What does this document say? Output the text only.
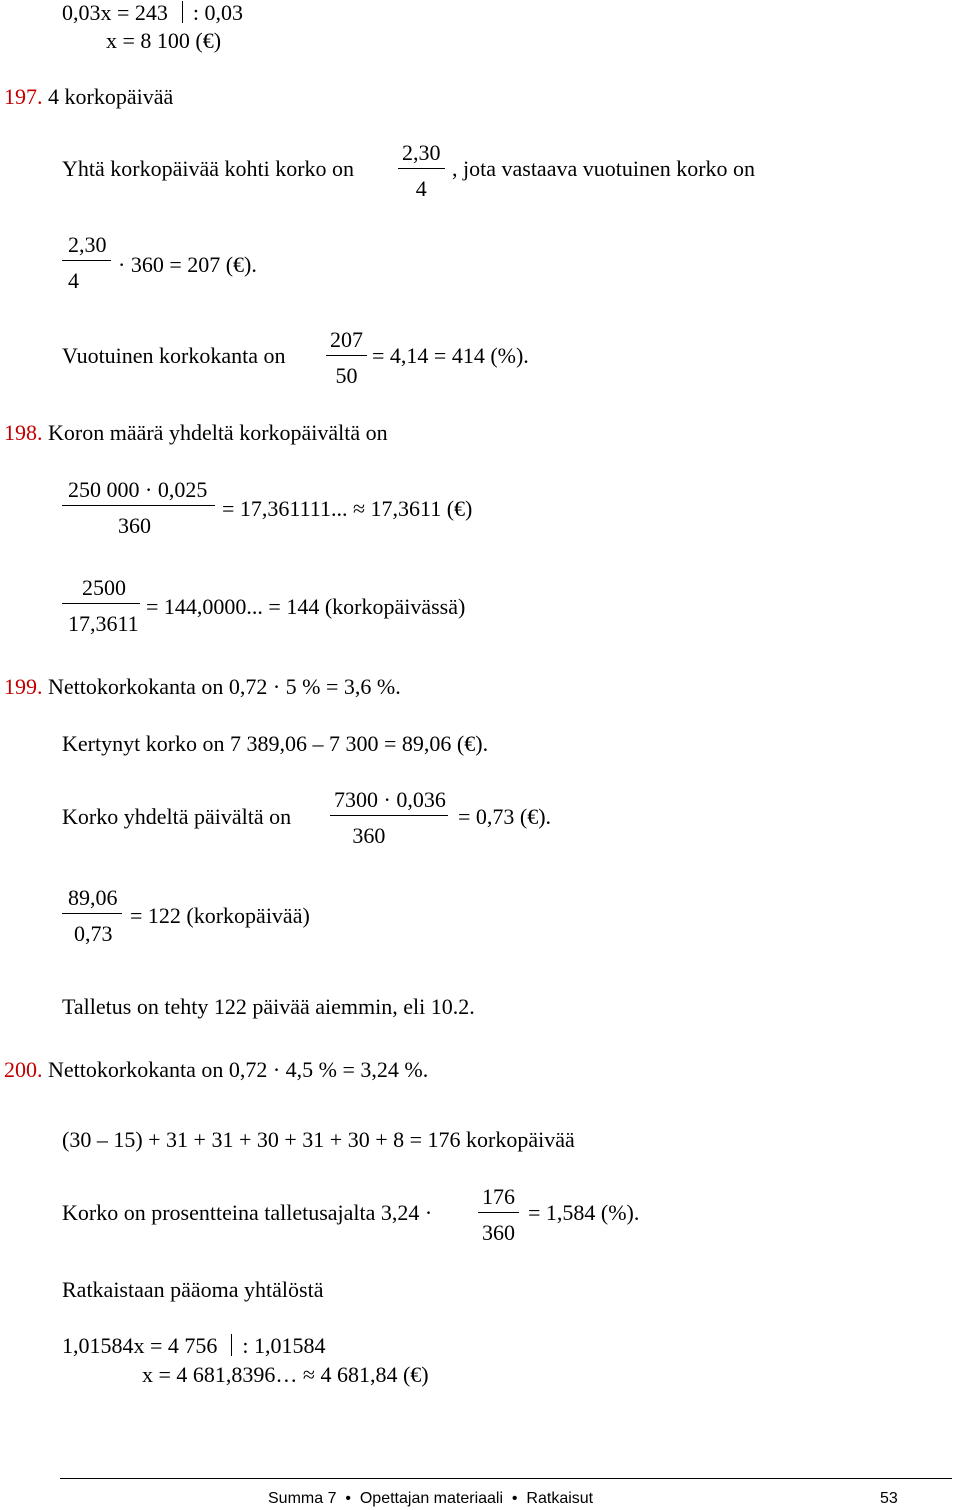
0,03x = 243 : 0,03
x = 8 100 (€)
197. 4 korkopäivää
Yhtä korkopäivää kohti korko on $\frac{2,30}{4}$ , jota vastaava vuotuinen korko on
$\frac{2,30}{4} \cdot 360 = 207$ (€).
Vuotuinen korkokanta on $\frac{207}{50} = 4,14 = 414$ (%).
198. Koron määrä yhdeltä korkopäivältä on
$\frac{250 000 \cdot 0,025}{360} = 17,361111$... ≈ 17,3611 (€)
$\frac{2500}{17,3611} = 144,0000$... = 144 (korkopäivässä)
199. Nettokorkokanta on 0,72 · 5 % = 3,6 %.
Kertynyt korko on 7 389,06 – 7 300 = 89,06 (€).
Korko yhdeltä päivältä on $\frac{7300 \cdot 0,036}{360} = 0,73$ (€).
$\frac{89,06}{0,73} = 122$ (korkopäivää)
Talletus on tehty 122 päivää aiemmin, eli 10.2.
200. Nettokorkokanta on 0,72 · 4,5 % = 3,24 %.
(30 – 15) + 31 + 31 + 30 + 31 + 30 + 8 = 176 korkopäivää
Korko on prosentteina talletusajalta $3,24 \cdot \frac{176}{360} = 1,584$ (%).
Ratkaistaan pääoma yhtälöstä
1,01584x = 4 756 : 1,01584
x = 4 681,8396… ≈ 4 681,84 (€)
Summa 7  •  Opettajan materiaali  •  Ratkaisut	53
